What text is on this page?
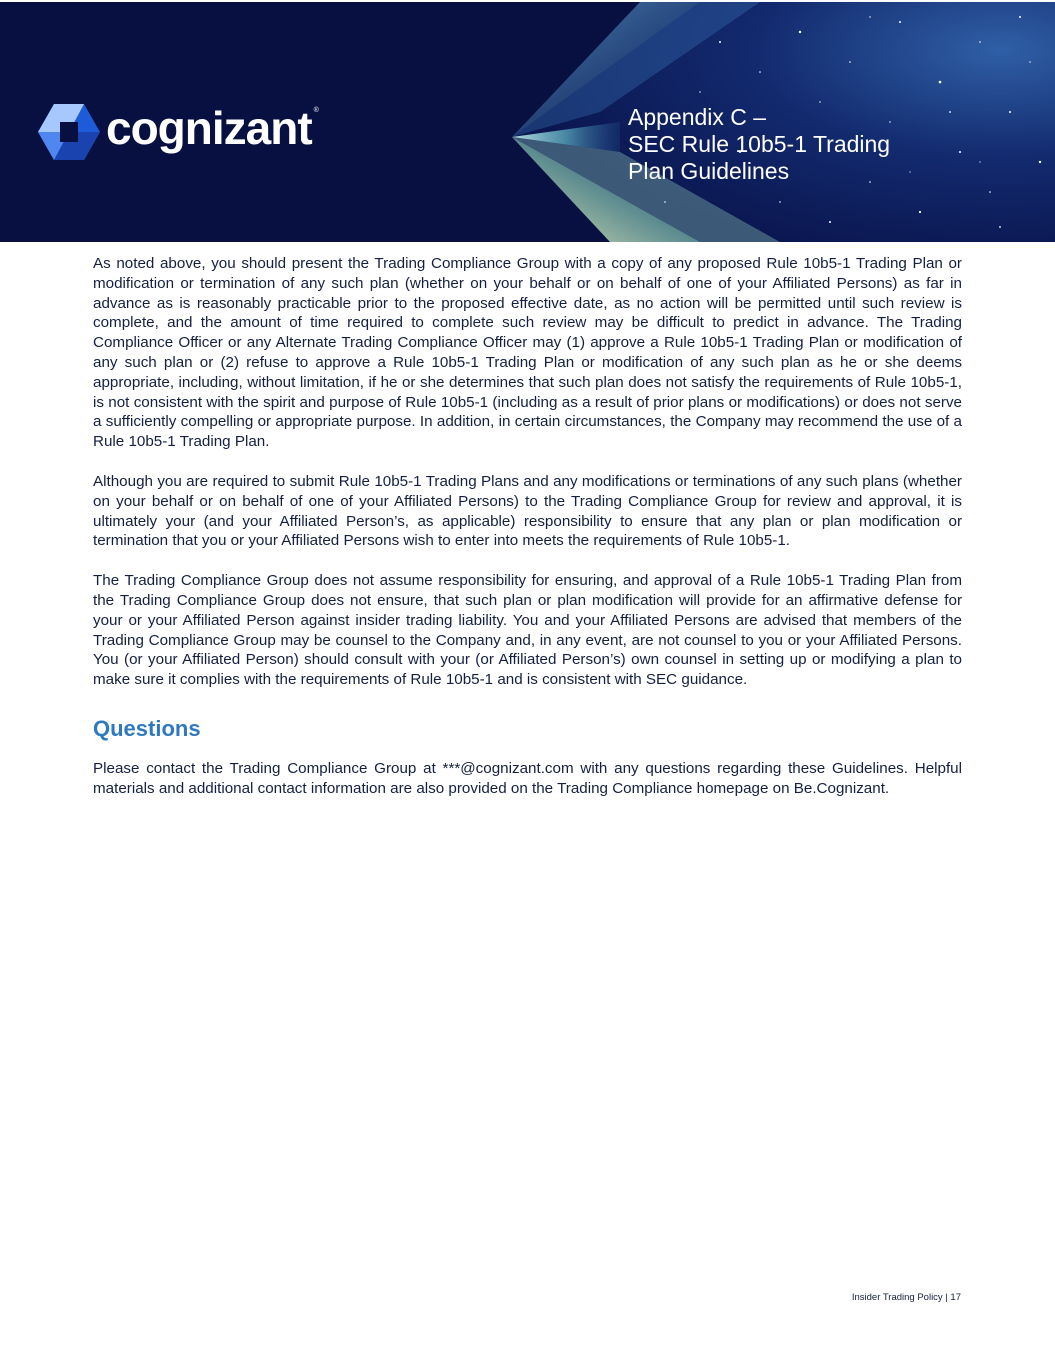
cognizant ®	Appendix C –
SEC Rule 10b5-1 Trading
Plan Guidelines

As noted above, you should present the Trading Compliance Group with a copy of any proposed Rule 10b5-1 Trading Plan or modification or termination of any such plan (whether on your behalf or on behalf of one of your Affiliated Persons) as far in advance as is reasonably practicable prior to the proposed effective date, as no action will be permitted until such review is complete, and the amount of time required to complete such review may be difficult to predict in advance. The Trading Compliance Officer or any Alternate Trading Compliance Officer may (1) approve a Rule 10b5-1 Trading Plan or modification of any such plan or (2) refuse to approve a Rule 10b5-1 Trading Plan or modification of any such plan as he or she deems appropriate, including, without limitation, if he or she determines that such plan does not satisfy the requirements of Rule 10b5-1, is not consistent with the spirit and purpose of Rule 10b5-1 (including as a result of prior plans or modifications) or does not serve a sufficiently compelling or appropriate purpose. In addition, in certain circumstances, the Company may recommend the use of a Rule 10b5-1 Trading Plan.

Although you are required to submit Rule 10b5-1 Trading Plans and any modifications or terminations of any such plans (whether on your behalf or on behalf of one of your Affiliated Persons) to the Trading Compliance Group for review and approval, it is ultimately your (and your Affiliated Person’s, as applicable) responsibility to ensure that any plan or plan modification or termination that you or your Affiliated Persons wish to enter into meets the requirements of Rule 10b5-1.

The Trading Compliance Group does not assume responsibility for ensuring, and approval of a Rule 10b5-1 Trading Plan from the Trading Compliance Group does not ensure, that such plan or plan modification will provide for an affirmative defense for your or your Affiliated Person against insider trading liability. You and your Affiliated Persons are advised that members of the Trading Compliance Group may be counsel to the Company and, in any event, are not counsel to you or your Affiliated Persons. You (or your Affiliated Person) should consult with your (or Affiliated Person’s) own counsel in setting up or modifying a plan to make sure it complies with the requirements of Rule 10b5-1 and is consistent with SEC guidance.

Questions

Please contact the Trading Compliance Group at ***@cognizant.com with any questions regarding these Guidelines. Helpful materials and additional contact information are also provided on the Trading Compliance homepage on Be.Cognizant.

Insider Trading Policy | 17
